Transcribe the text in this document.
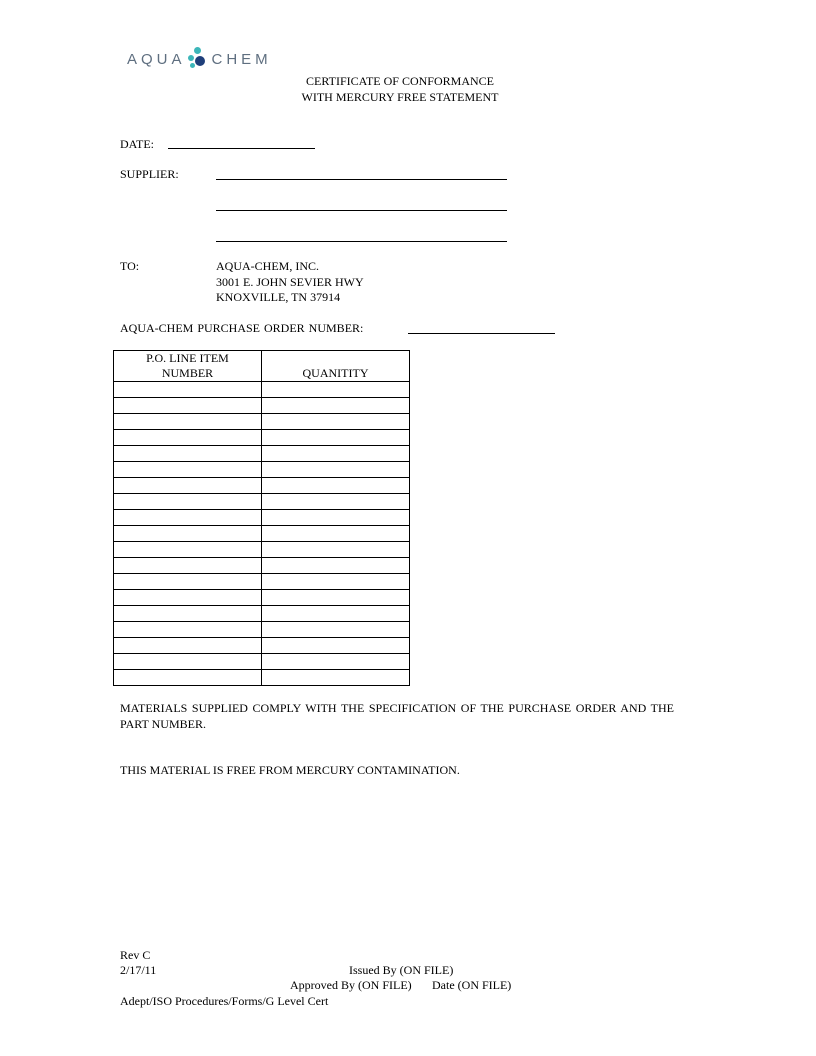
AQUA CHEM
CERTIFICATE OF CONFORMANCE
WITH MERCURY FREE STATEMENT
DATE:
SUPPLIER:
TO:	AQUA-CHEM, INC.
3001 E. JOHN SEVIER HWY
KNOXVILLE, TN 37914
AQUA-CHEM PURCHASE ORDER NUMBER:
P.O. LINE ITEM
NUMBER	QUANITITY

MATERIALS SUPPLIED COMPLY WITH THE SPECIFICATION OF THE PURCHASE ORDER AND THE PART NUMBER.
THIS MATERIAL IS FREE FROM MERCURY CONTAMINATION.
Rev C
2/17/11	Issued By (ON FILE)
Approved By (ON FILE) Date (ON FILE)
Adept/ISO Procedures/Forms/G Level Cert
